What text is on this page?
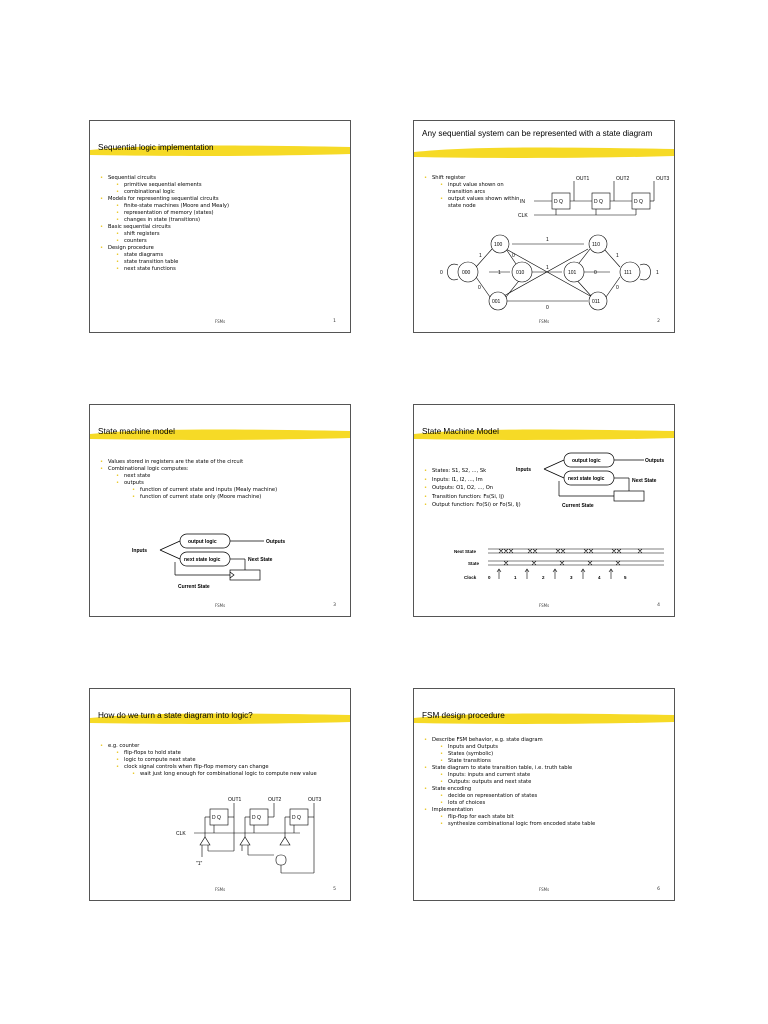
Sequential logic implementation
• Sequential circuits
• primitive sequential elements
• combinational logic
• Models for representing sequential circuits
• finite-state machines (Moore and Mealy)
• representation of memory (states)
• changes in state (transitions)
• Basic sequential circuits
• shift registers
• counters
• Design procedure
• state diagrams
• state transition table
• next state functions
FSMs	1
Any sequential system can be represented with a state diagram
• Shift register
• input value shown on transition arcs
• output values shown within state node
D Q	D Q	D Q
OUT1	OUT2	OUT3
IN
CLK
100	110
000	010	101	111
001	011
1
1
1
1	1
1
0	0
0
0
0	0
FSMs	2
State machine model
• Values stored in registers are the state of the circuit
• Combinational logic computes:
• next state
• outputs
• function of current state and inputs (Mealy machine)
• function of current state only (Moore machine)
output logic
next state logic
Inputs
Outputs
Next State
Current State
FSMs	3
State Machine Model
• States: S1, S2, ..., Sk
• Inputs: I1, I2, ..., Im
• Outputs: O1, O2, ..., On
• Transition function: Fs(Si, Ij)
• Output function: Fo(Si) or Fo(Si, Ij)
output logic
next state logic
Inputs
Outputs
Next State
Current State
Next State
State
Clock	0	1	2	3	4	5
FSMs	4
How do we turn a state diagram into logic?
• e.g. counter
• flip-flops to hold state
• logic to compute next state
• clock signal controls when flip-flop memory can change
• wait just long enough for combinational logic to compute new value
D Q	D Q	D Q
OUT1	OUT2	OUT3
CLK
"1"
FSMs	5
FSM design procedure
• Describe FSM behavior, e.g. state diagram
• Inputs and Outputs
• States (symbolic)
• State transitions
• State diagram to state transition table, i.e. truth table
• Inputs: inputs and current state
• Outputs: outputs and next state
• State encoding
• decide on representation of states
• lots of choices
• Implementation
• flip-flop for each state bit
• synthesize combinational logic from encoded state table
FSMs	6
